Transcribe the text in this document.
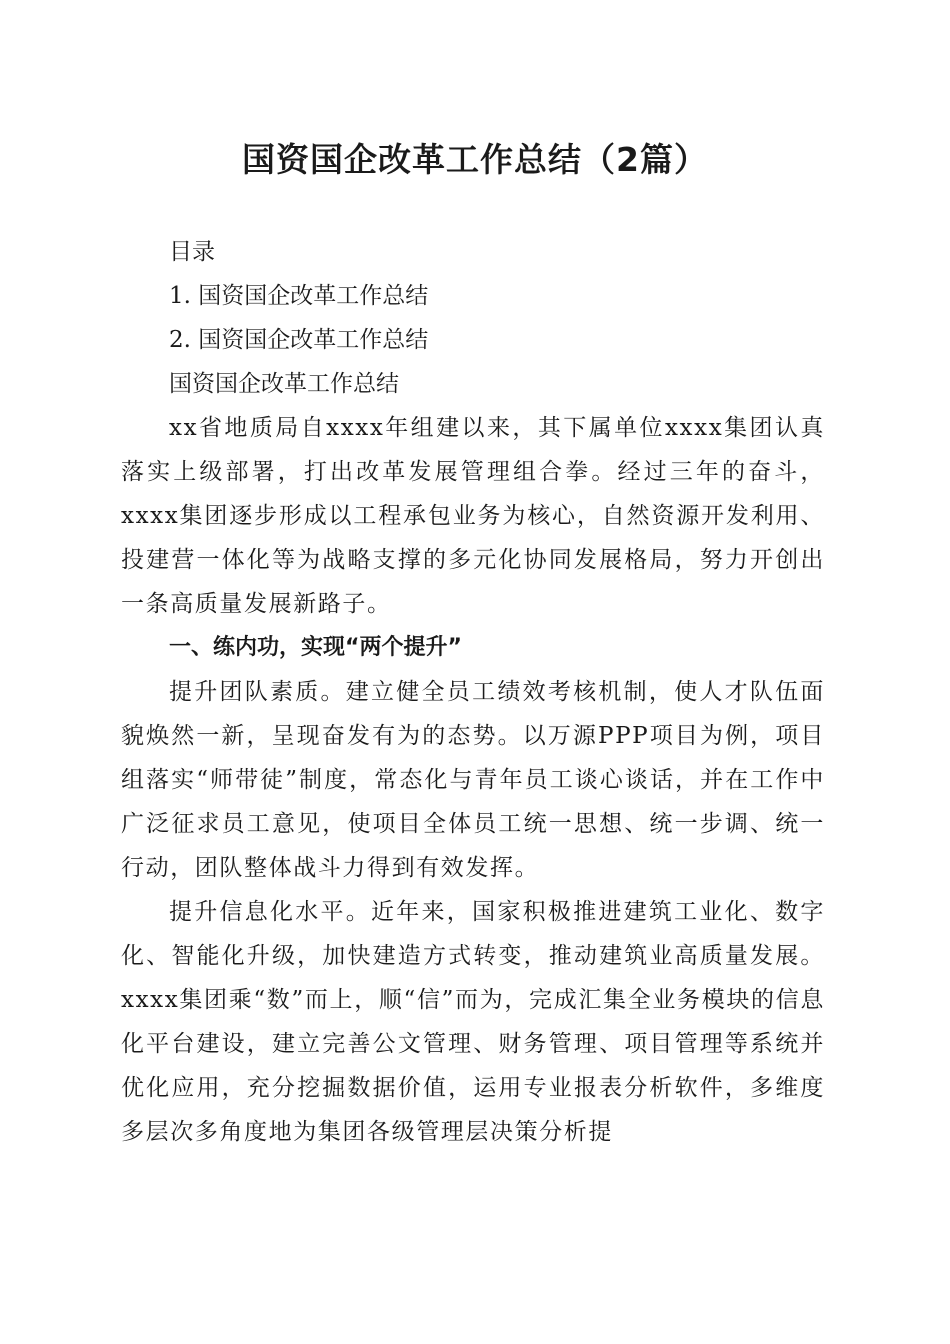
国资国企改革工作总结（2篇）

目录

1. 国资国企改革工作总结

2. 国资国企改革工作总结

国资国企改革工作总结

xx省地质局自xxxx年组建以来，其下属单位xxxx集团认真落实上级部署，打出改革发展管理组合拳。经过三年的奋斗，xxxx集团逐步形成以工程承包业务为核心，自然资源开发利用、投建营一体化等为战略支撑的多元化协同发展格局，努力开创出一条高质量发展新路子。

一、练内功，实现“两个提升”

提升团队素质。建立健全员工绩效考核机制，使人才队伍面貌焕然一新，呈现奋发有为的态势。以万源PPP项目为例，项目组落实“师带徒”制度，常态化与青年员工谈心谈话，并在工作中广泛征求员工意见，使项目全体员工统一思想、统一步调、统一行动，团队整体战斗力得到有效发挥。

提升信息化水平。近年来，国家积极推进建筑工业化、数字化、智能化升级，加快建造方式转变，推动建筑业高质量发展。xxxx集团乘“数”而上，顺“信”而为，完成汇集全业务模块的信息化平台建设，建立完善公文管理、财务管理、项目管理等系统并优化应用，充分挖掘数据价值，运用专业报表分析软件，多维度多层次多角度地为集团各级管理层决策分析提
